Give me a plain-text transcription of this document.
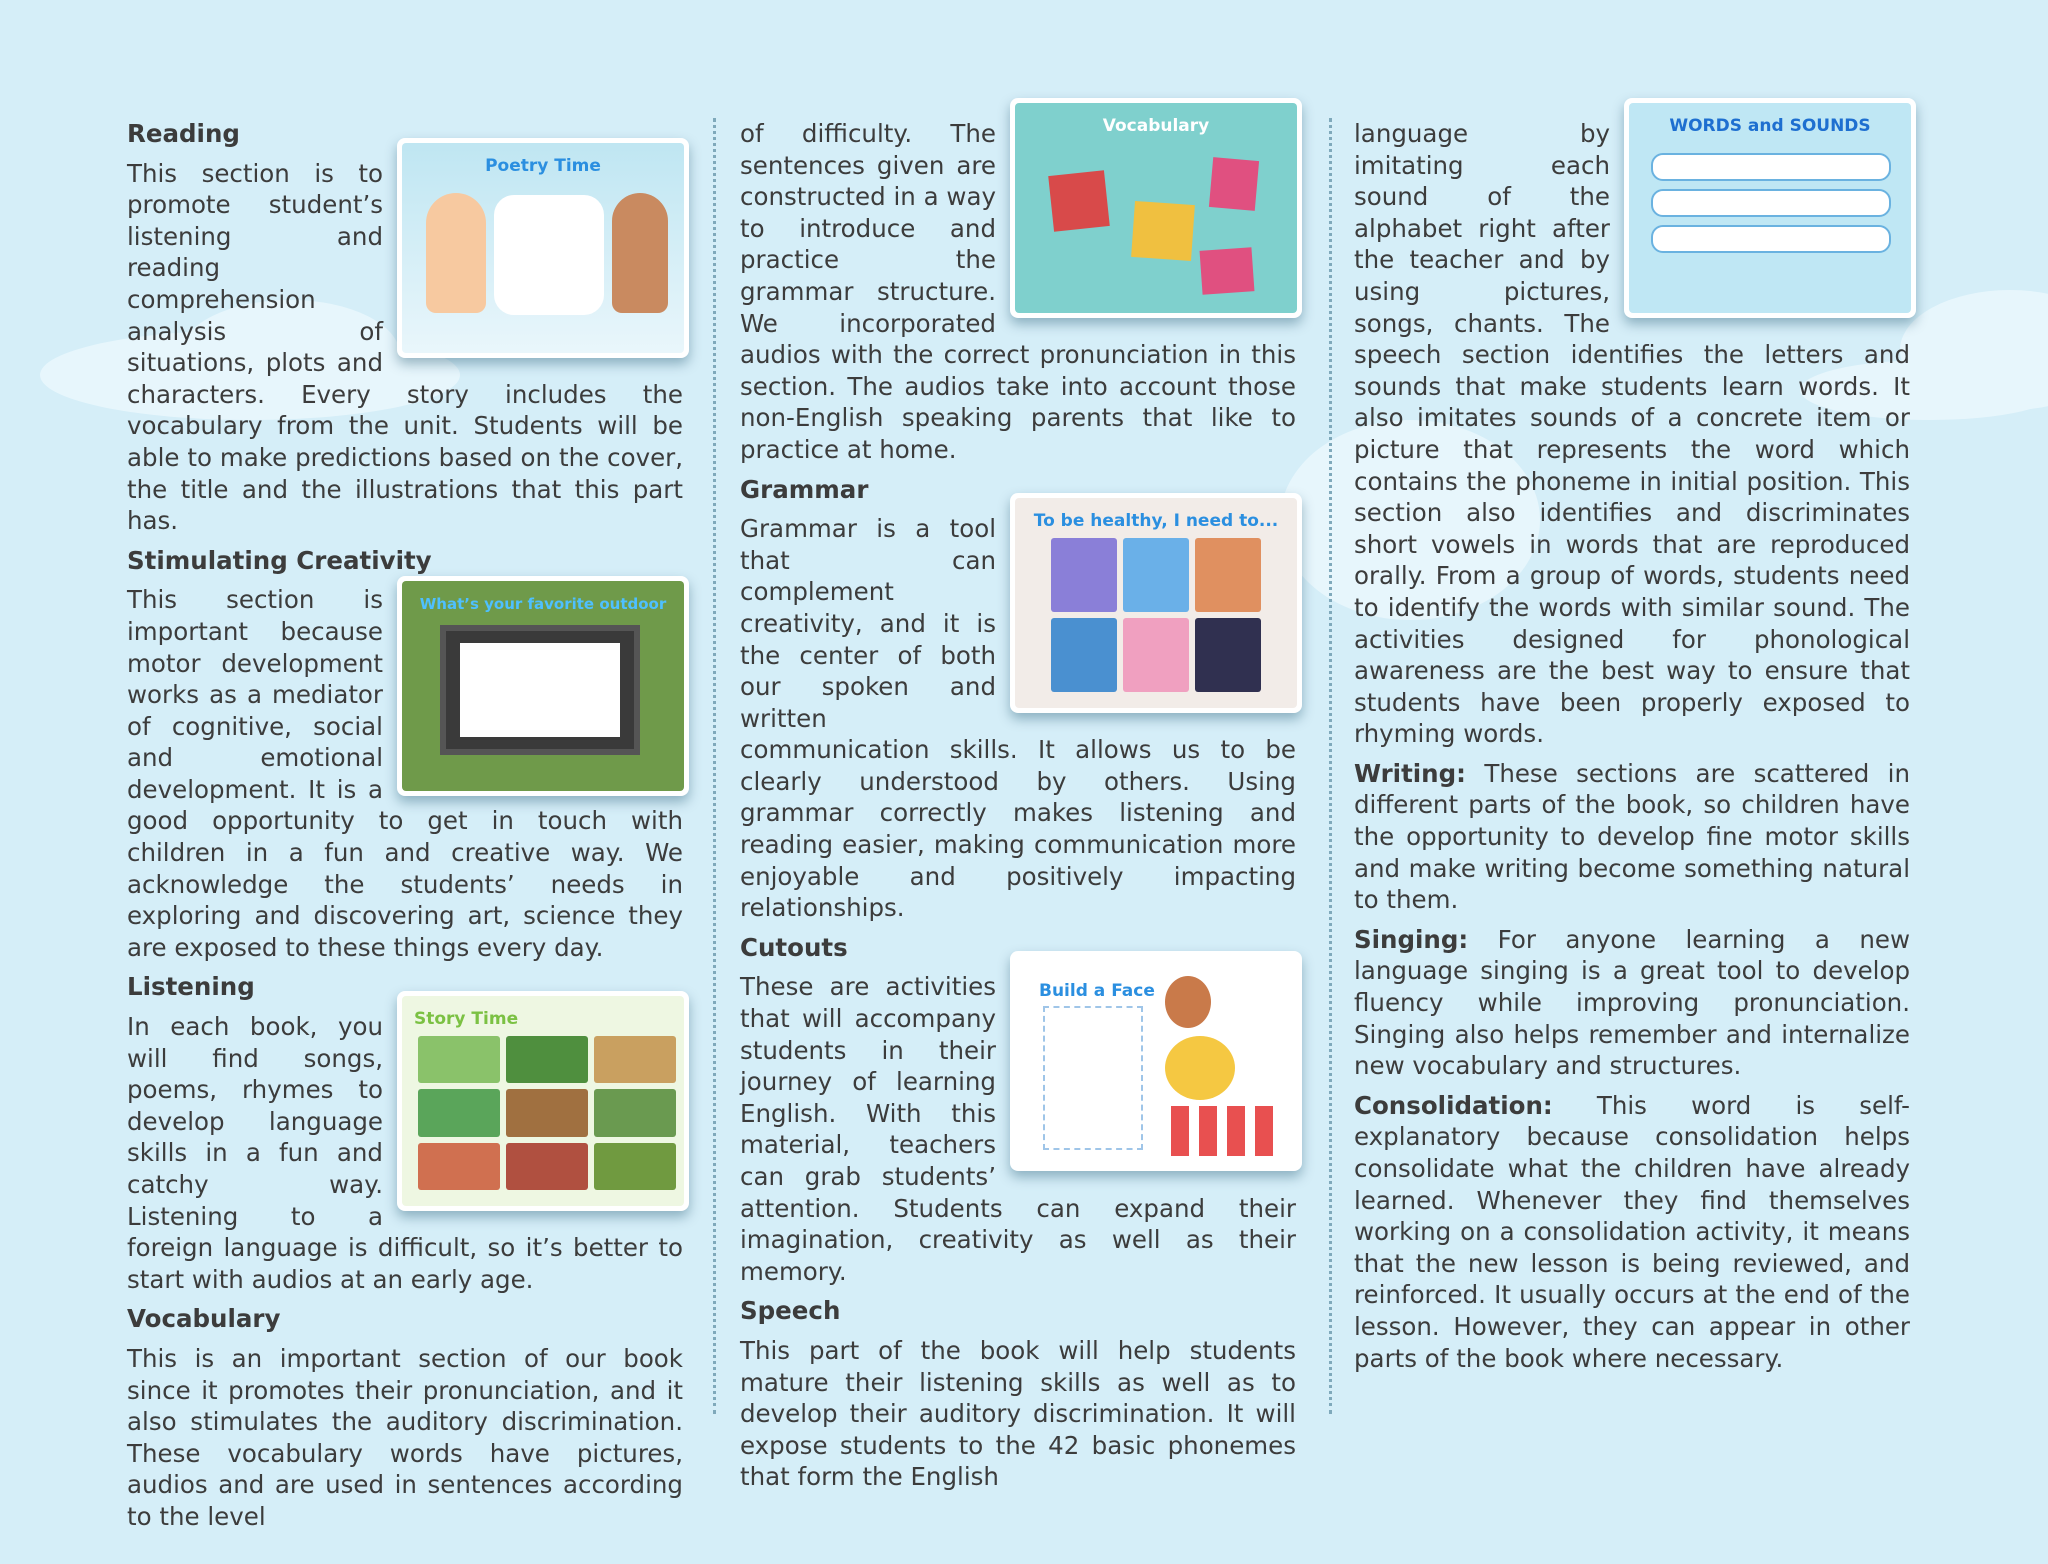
Reading
Poetry Time

This section is to promote student’s listening and reading comprehension analysis of situations, plots and characters. Every story includes the vocabulary from the unit. Students will be able to make predictions based on the cover, the title and the illustrations that this part has.

Stimulating Creativity
What’s your favorite outdoor

This section is important because motor development works as a mediator of cognitive, social and emotional development. It is a good opportunity to get in touch with children in a fun and creative way. We acknowledge the students’ needs in exploring and discovering art, science they are exposed to these things every day.

Listening
Story Time

In each book, you will find songs, poems, rhymes to develop language skills in a fun and catchy way. Listening to a foreign language is difficult, so it’s better to start with audios at an early age.

Vocabulary

This is an important section of our book since it promotes their pronunciation, and it also stimulates the auditory discrimination. These vocabulary words have pictures, audios and are used in sentences according to the level

Vocabulary

of difficulty. The sentences given are constructed in a way to introduce and practice the grammar structure. We incorporated audios with the correct pronunciation in this section. The audios take into account those non-English speaking parents that like to practice at home.

Grammar
To be healthy, I need to...

Grammar is a tool that can complement creativity, and it is the center of both our spoken and written communication skills. It allows us to be clearly understood by others. Using grammar correctly makes listening and reading easier, making communication more enjoyable and positively impacting relationships.

Cutouts
Build a Face

These are activities that will accompany students in their journey of learning English. With this material, teachers can grab students’ attention. Students can expand their imagination, creativity as well as their memory.

Speech

This part of the book will help students mature their listening skills as well as to develop their auditory discrimination. It will expose students to the 42 basic phonemes that form the English

WORDS and SOUNDS

language by imitating each sound of the alphabet right after the teacher and by using pictures, songs, chants. The speech section identifies the letters and sounds that make students learn words. It also imitates sounds of a concrete item or picture that represents the word which contains the phoneme in initial position. This section also identifies and discriminates short vowels in words that are reproduced orally. From a group of words, students need to identify the words with similar sound. The activities designed for phonological awareness are the best way to ensure that students have been properly exposed to rhyming words.

Writing: These sections are scattered in different parts of the book, so children have the opportunity to develop fine motor skills and make writing become something natural to them.

Singing: For anyone learning a new language singing is a great tool to develop fluency while improving pronunciation. Singing also helps remember and internalize new vocabulary and structures.

Consolidation: This word is self-explanatory because consolidation helps consolidate what the children have already learned. Whenever they find themselves working on a consolidation activity, it means that the new lesson is being reviewed, and reinforced. It usually occurs at the end of the lesson. However, they can appear in other parts of the book where necessary.
